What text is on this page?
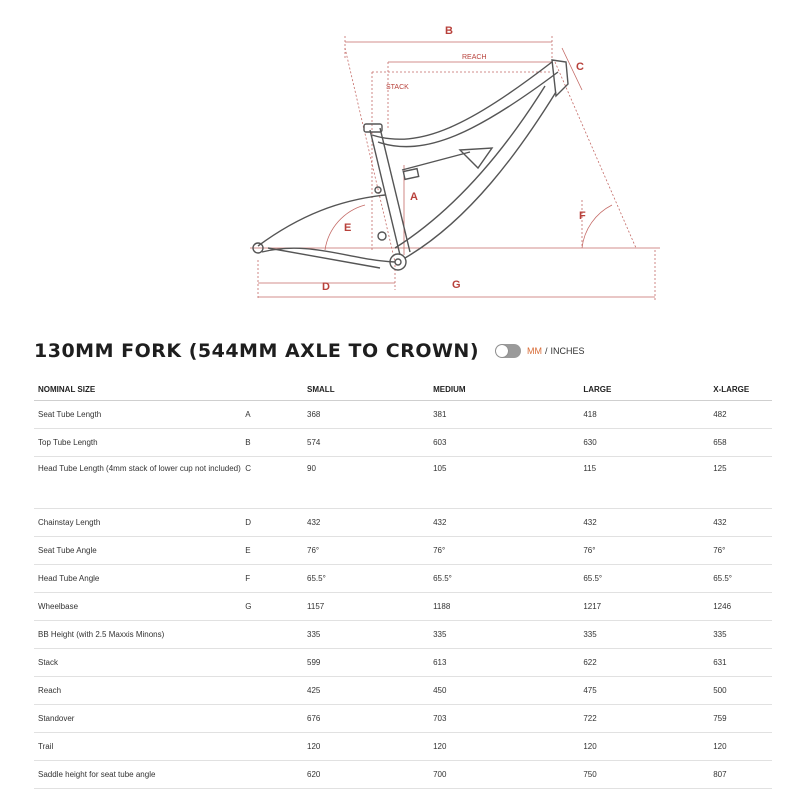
B
REACH
STACK
C
A
E
F
D	G
130MM FORK (544MM AXLE TO CROWN)	MM / INCHES
NOMINAL SIZE		SMALL	MEDIUM	LARGE	X-LARGE
Seat Tube Length	A	368	381	418	482
Top Tube Length	B	574	603	630	658
Head Tube Length (4mm stack of lower cup not included)	C	90	105	115	125
Chainstay Length	D	432	432	432	432
Seat Tube Angle	E	76°	76°	76°	76°
Head Tube Angle	F	65.5°	65.5°	65.5°	65.5°
Wheelbase	G	1157	1188	1217	1246
BB Height (with 2.5 Maxxis Minons)		335	335	335	335
Stack		599	613	622	631
Reach		425	450	475	500
Standover		676	703	722	759
Trail		120	120	120	120
Saddle height for seat tube angle		620	700	750	807
